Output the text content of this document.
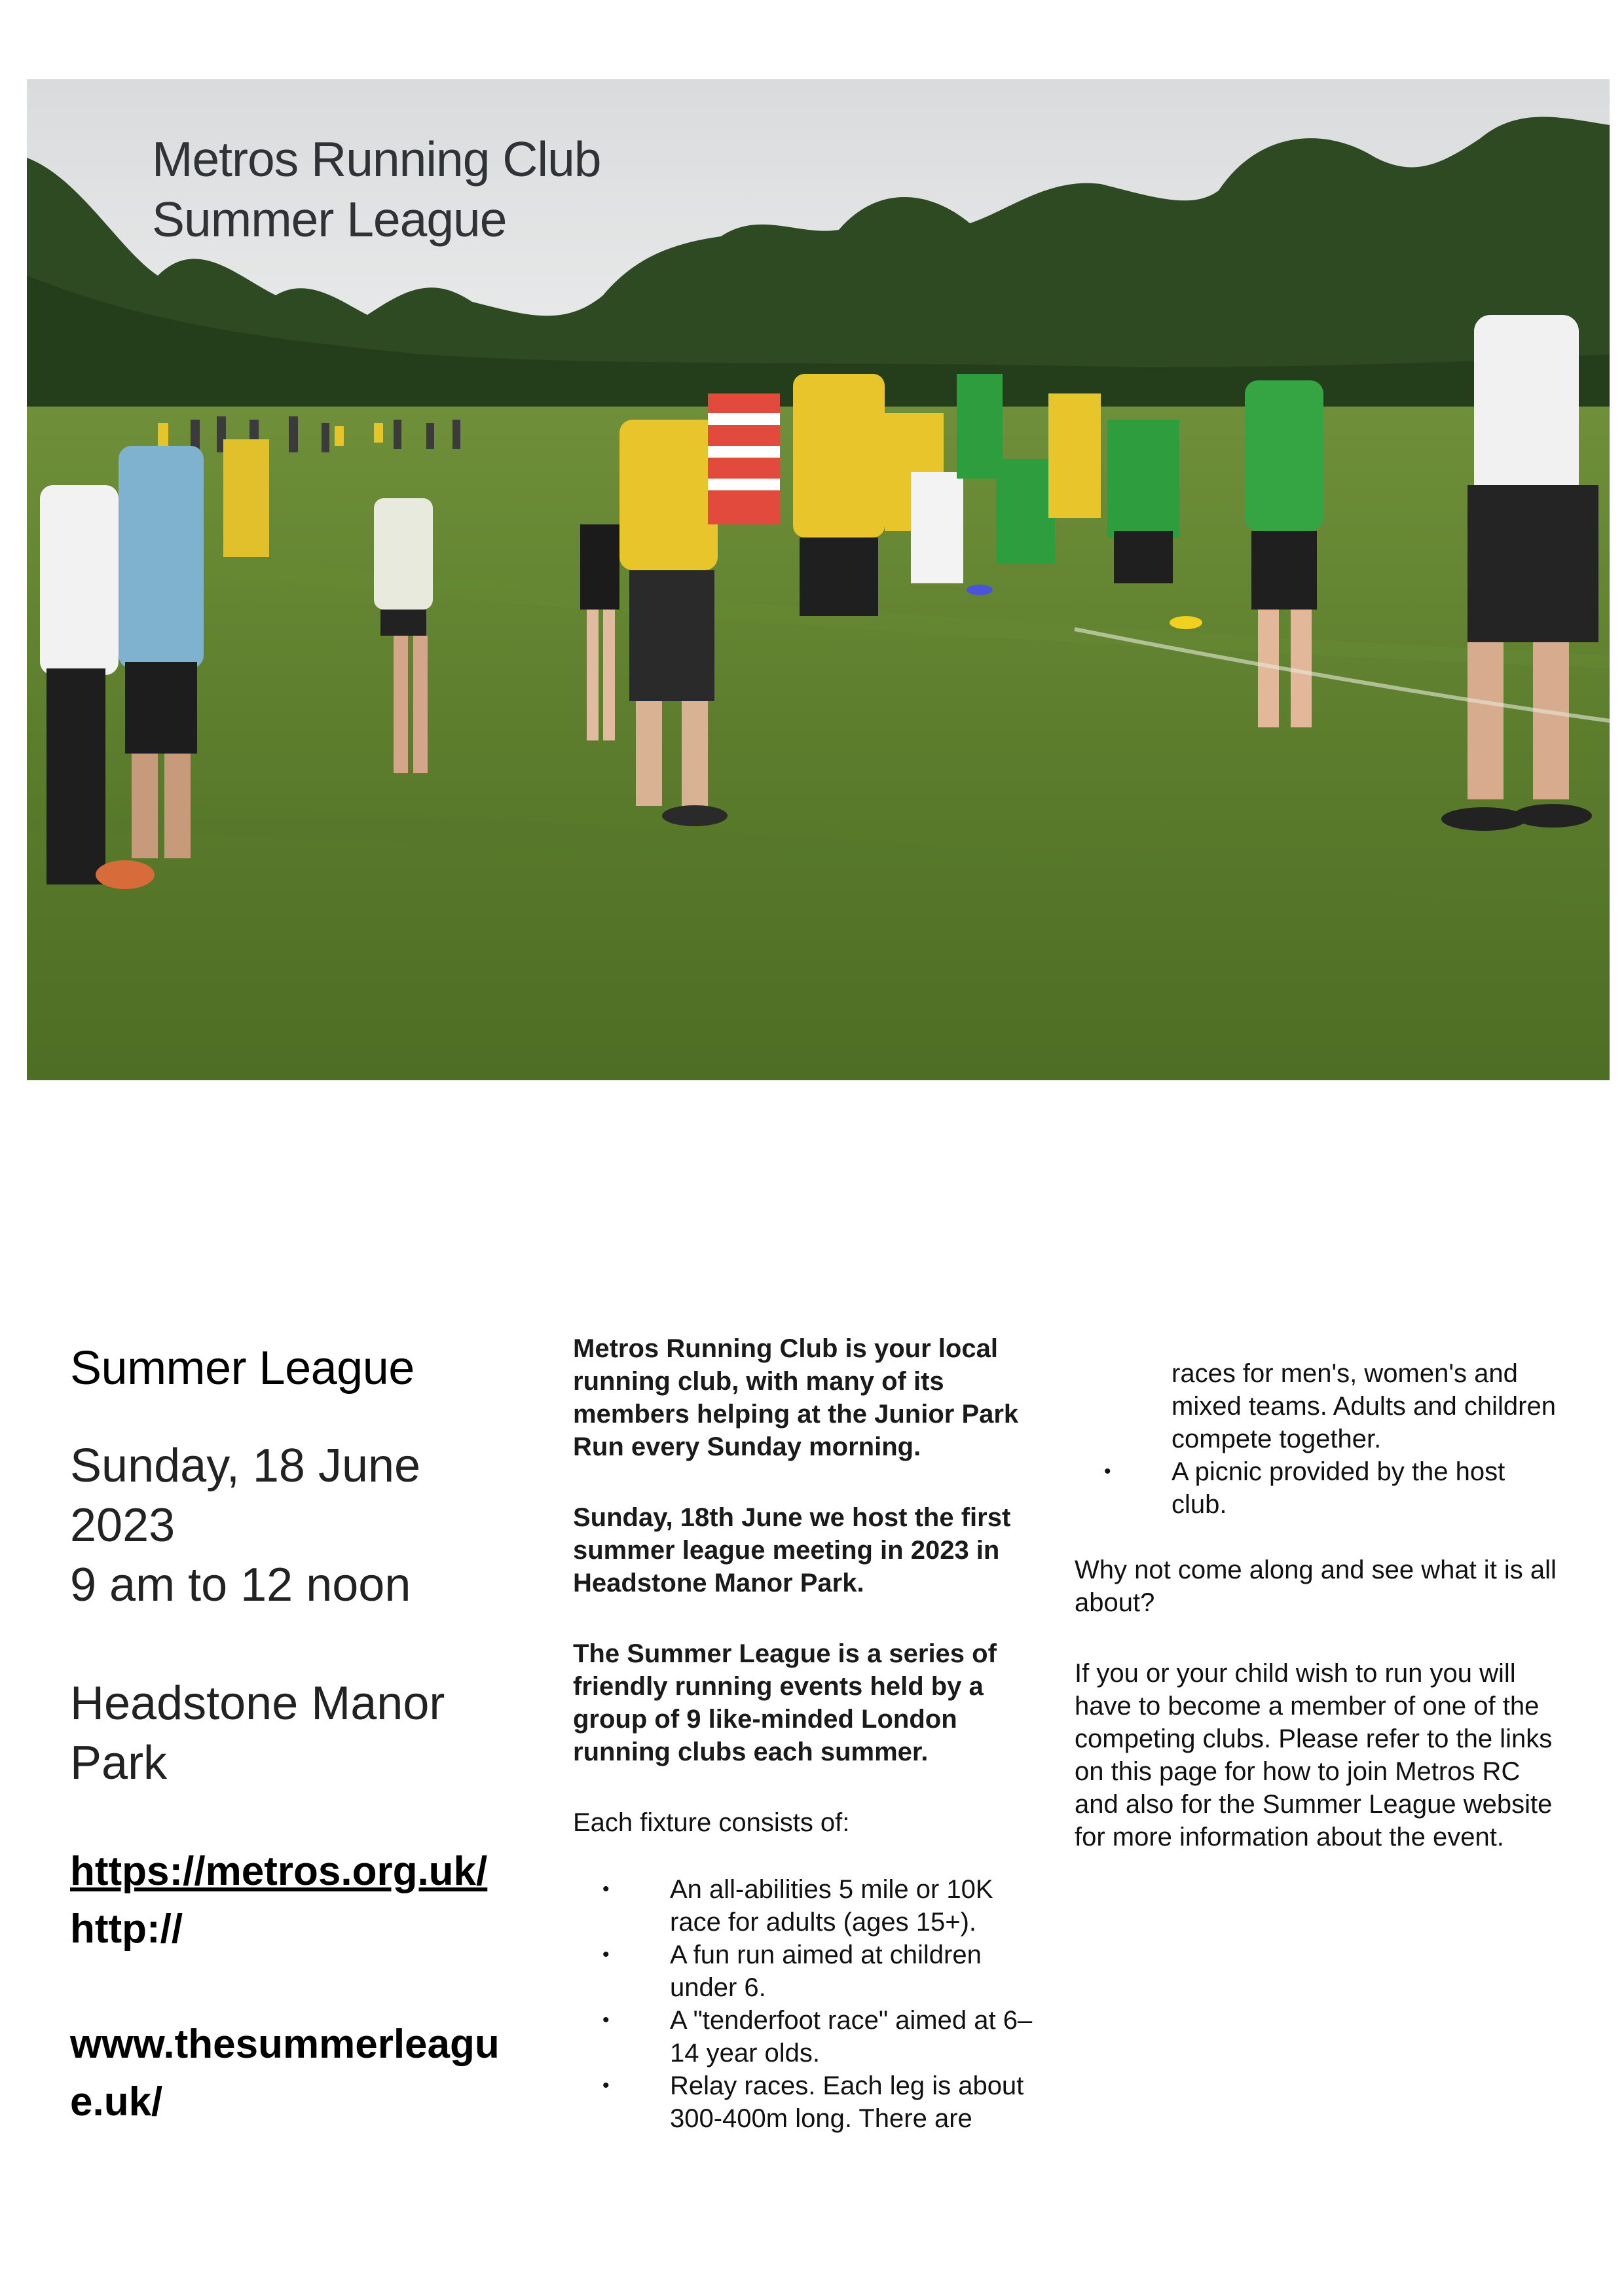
Metros Running Club
Summer League
Summer League
Sunday, 18 June
2023
9 am to 12 noon
Headstone Manor
Park
https://metros.org.uk/
http://
www.thesummerleagu
e.uk/

Metros Running Club is your local running club, with many of its members helping at the Junior Park Run every Sunday morning.

Sunday, 18th June we host the first summer league meeting in 2023 in Headstone Manor Park.

The Summer League is a series of friendly running events held by a group of 9 like-minded London running clubs each summer.

Each fixture consists of:

• An all-abilities 5 mile or 10K race for adults (ages 15+).
• A fun run aimed at children under 6.
• A "tenderfoot race" aimed at 6–14 year olds.
• Relay races. Each leg is about 300-400m long. There are

races for men's, women's and mixed teams. Adults and children compete together.

• A picnic provided by the host club.

Why not come along and see what it is all about?

If you or your child wish to run you will have to become a member of one of the competing clubs. Please refer to the links on this page for how to join Metros RC and also for the Summer League website for more information about the event.
